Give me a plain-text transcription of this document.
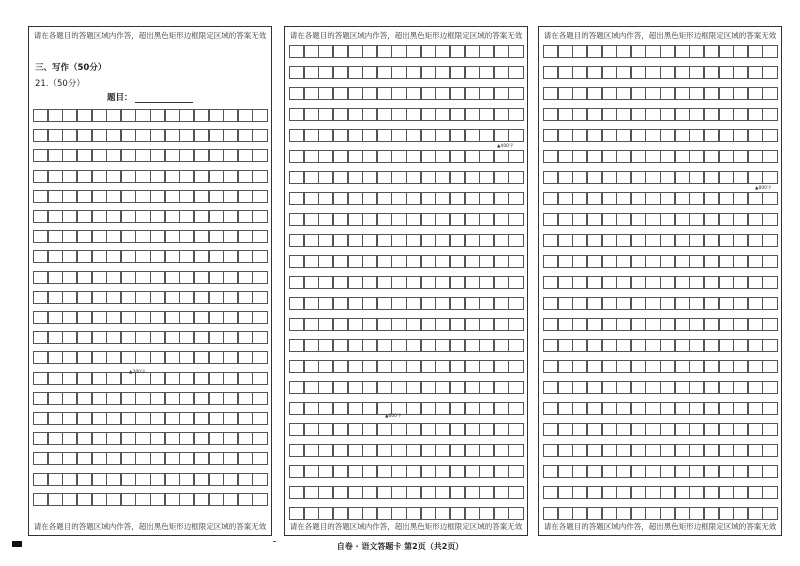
请在各题目的答题区域内作答，超出黑色矩形边框限定区域的答案无效
三、写作（50分）
21.（50分）
题目：
▲200字
请在各题目的答题区域内作答，超出黑色矩形边框限定区域的答案无效
请在各题目的答题区域内作答，超出黑色矩形边框限定区域的答案无效
▲400字
▲600字
请在各题目的答题区域内作答，超出黑色矩形边框限定区域的答案无效
请在各题目的答题区域内作答，超出黑色矩形边框限定区域的答案无效
▲800字
请在各题目的答题区域内作答，超出黑色矩形边框限定区域的答案无效
自卷 · 语文答题卡 第2页（共2页）
